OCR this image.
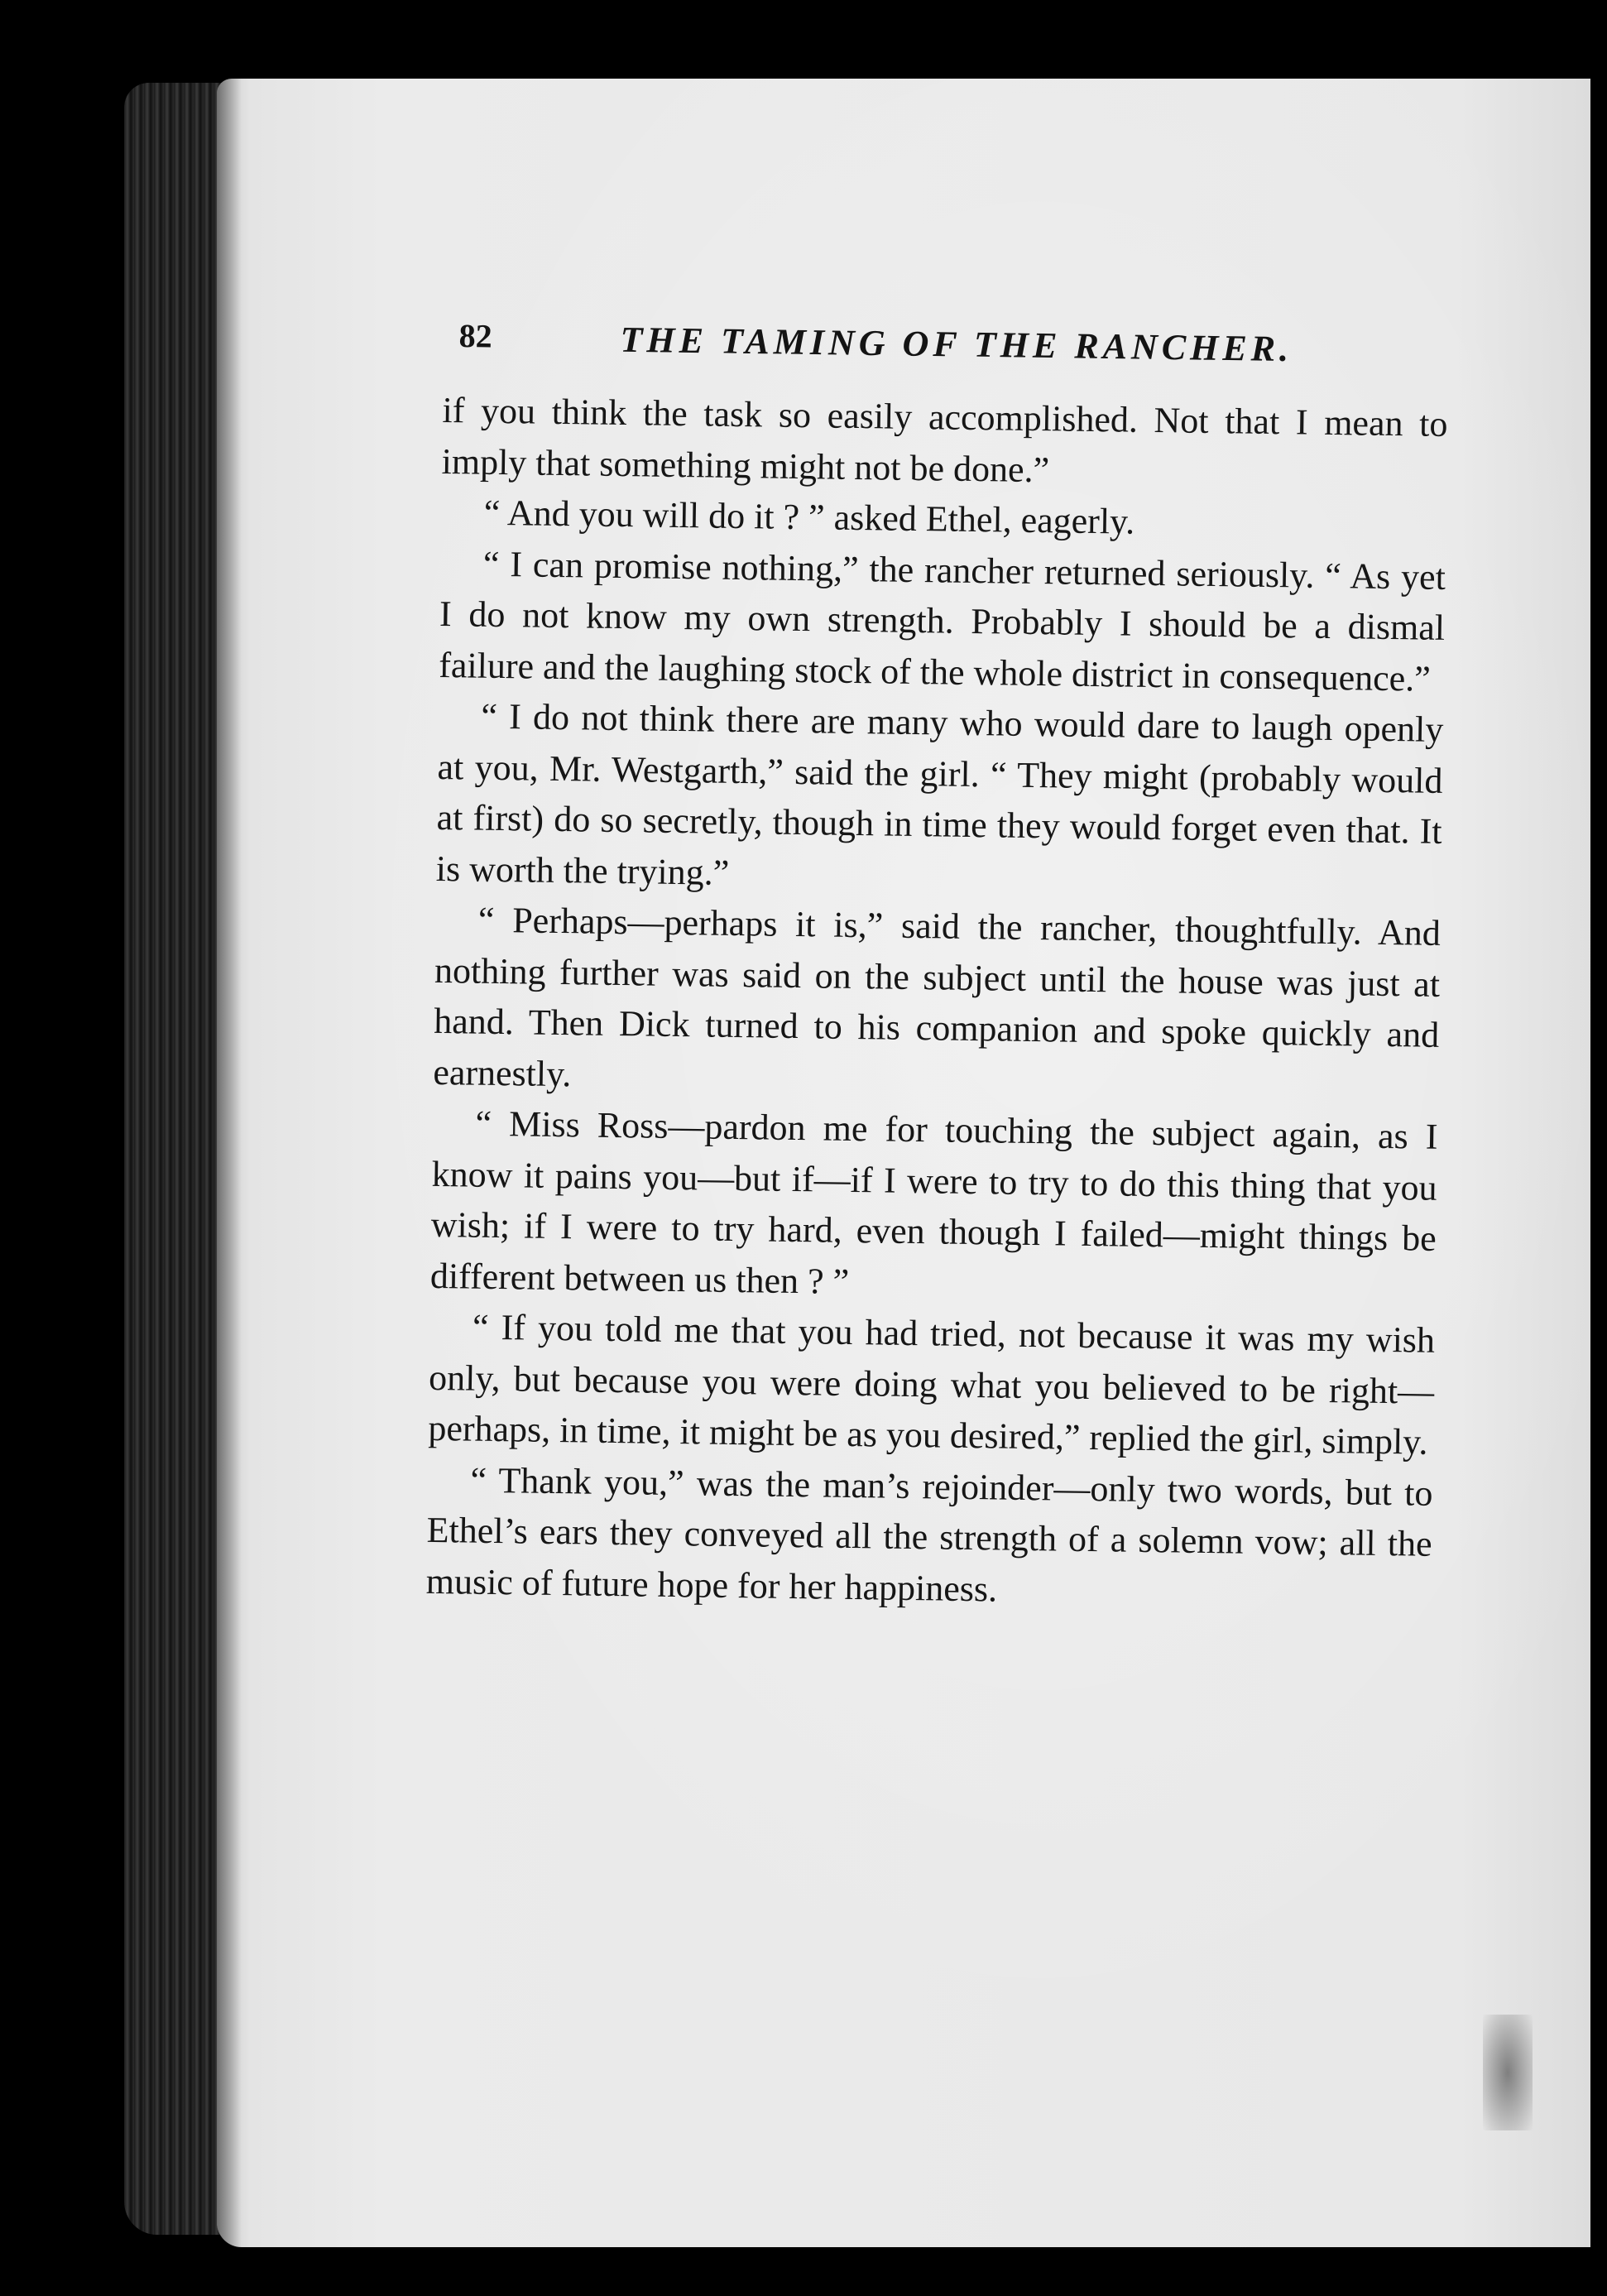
82	THE TAMING OF THE RANCHER.

if you think the task so easily accomplished. Not that I mean to imply that something might not be done.”

“ And you will do it ? ” asked Ethel, eagerly.

“ I can promise nothing,” the rancher returned seriously. “ As yet I do not know my own strength. Probably I should be a dismal failure and the laughing stock of the whole district in consequence.”

“ I do not think there are many who would dare to laugh openly at you, Mr. Westgarth,” said the girl. “ They might (probably would at first) do so secretly, though in time they would forget even that. It is worth the trying.”

“ Perhaps—perhaps it is,” said the rancher, thoughtfully. And nothing further was said on the subject until the house was just at hand. Then Dick turned to his companion and spoke quickly and earnestly.

“ Miss Ross—pardon me for touching the subject again, as I know it pains you—but if—if I were to try to do this thing that you wish; if I were to try hard, even though I failed—might things be different between us then ? ”

“ If you told me that you had tried, not because it was my wish only, but because you were doing what you believed to be right—perhaps, in time, it might be as you desired,” replied the girl, simply.

“ Thank you,” was the man’s rejoinder—only two words, but to Ethel’s ears they conveyed all the strength of a solemn vow; all the music of future hope for her happiness.
